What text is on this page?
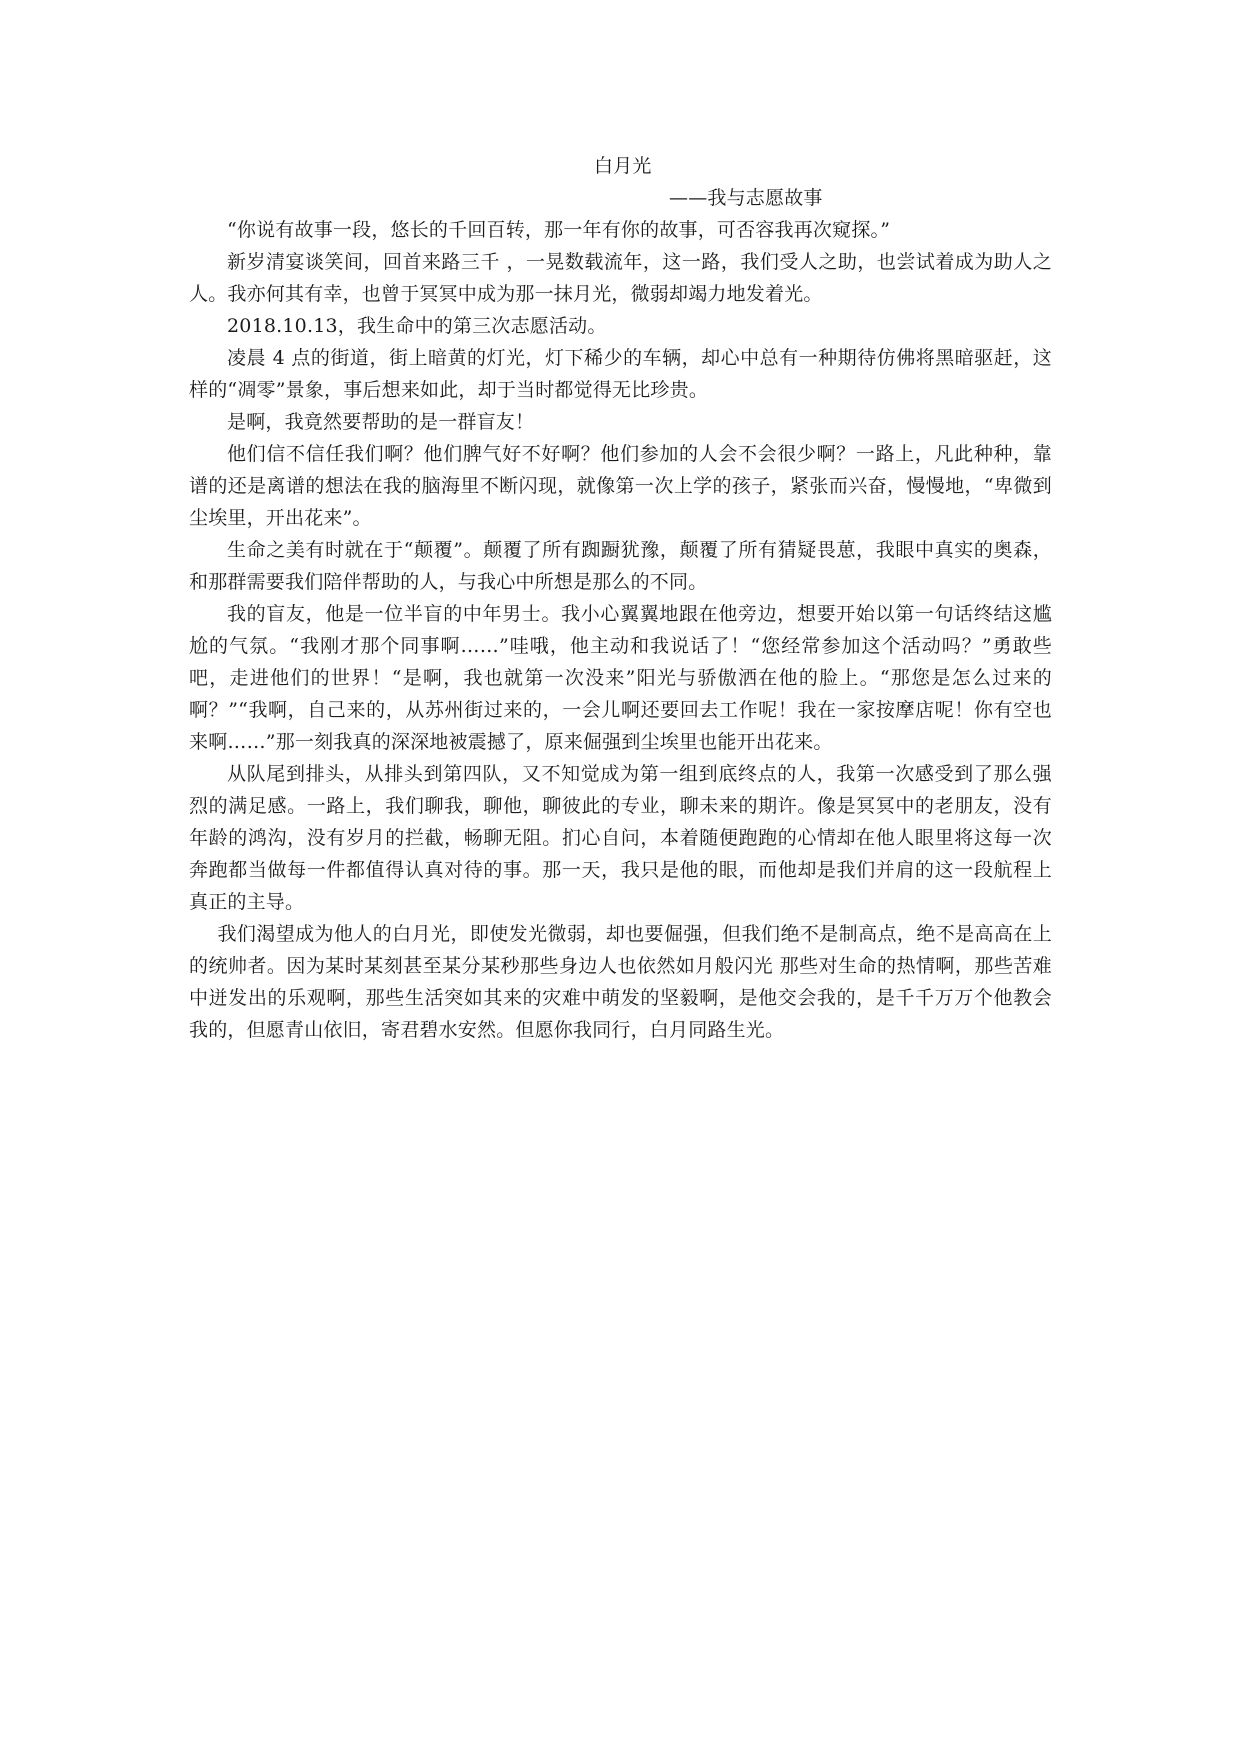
白月光
——我与志愿故事

“你说有故事一段，悠长的千回百转，那一年有你的故事，可否容我再次窥探。”

新岁清宴谈笑间，回首来路三千 ，一晃数载流年，这一路，我们受人之助，也尝试着成为助人之人。我亦何其有幸，也曾于冥冥中成为那一抹月光，微弱却竭力地发着光。

2018.10.13，我生命中的第三次志愿活动。

凌晨 4 点的街道，街上暗黄的灯光，灯下稀少的车辆，却心中总有一种期待仿佛将黑暗驱赶，这样的“凋零”景象，事后想来如此，却于当时都觉得无比珍贵。

是啊，我竟然要帮助的是一群盲友！

他们信不信任我们啊？他们脾气好不好啊？他们参加的人会不会很少啊？一路上，凡此种种，靠谱的还是离谱的想法在我的脑海里不断闪现，就像第一次上学的孩子，紧张而兴奋，慢慢地，“卑微到尘埃里，开出花来”。

生命之美有时就在于“颠覆”。颠覆了所有踟蹰犹豫，颠覆了所有猜疑畏葸，我眼中真实的奥森，和那群需要我们陪伴帮助的人，与我心中所想是那么的不同。

我的盲友，他是一位半盲的中年男士。我小心翼翼地跟在他旁边，想要开始以第一句话终结这尴尬的气氛。“我刚才那个同事啊……”哇哦，他主动和我说话了！“您经常参加这个活动吗？”勇敢些吧，走进他们的世界！“是啊，我也就第一次没来”阳光与骄傲洒在他的脸上。“那您是怎么过来的啊？”“我啊，自己来的，从苏州街过来的，一会儿啊还要回去工作呢！我在一家按摩店呢！你有空也来啊……”那一刻我真的深深地被震撼了，原来倔强到尘埃里也能开出花来。

从队尾到排头，从排头到第四队，又不知觉成为第一组到底终点的人，我第一次感受到了那么强烈的满足感。一路上，我们聊我，聊他，聊彼此的专业，聊未来的期许。像是冥冥中的老朋友，没有年龄的鸿沟，没有岁月的拦截，畅聊无阻。扪心自问，本着随便跑跑的心情却在他人眼里将这每一次奔跑都当做每一件都值得认真对待的事。那一天，我只是他的眼，而他却是我们并肩的这一段航程上真正的主导。

我们渴望成为他人的白月光，即使发光微弱，却也要倔强，但我们绝不是制高点，绝不是高高在上的统帅者。因为某时某刻甚至某分某秒那些身边人也依然如月般闪光 那些对生命的热情啊，那些苦难中迸发出的乐观啊，那些生活突如其来的灾难中萌发的坚毅啊，是他交会我的，是千千万万个他教会我的，但愿青山依旧，寄君碧水安然。但愿你我同行，白月同路生光。
